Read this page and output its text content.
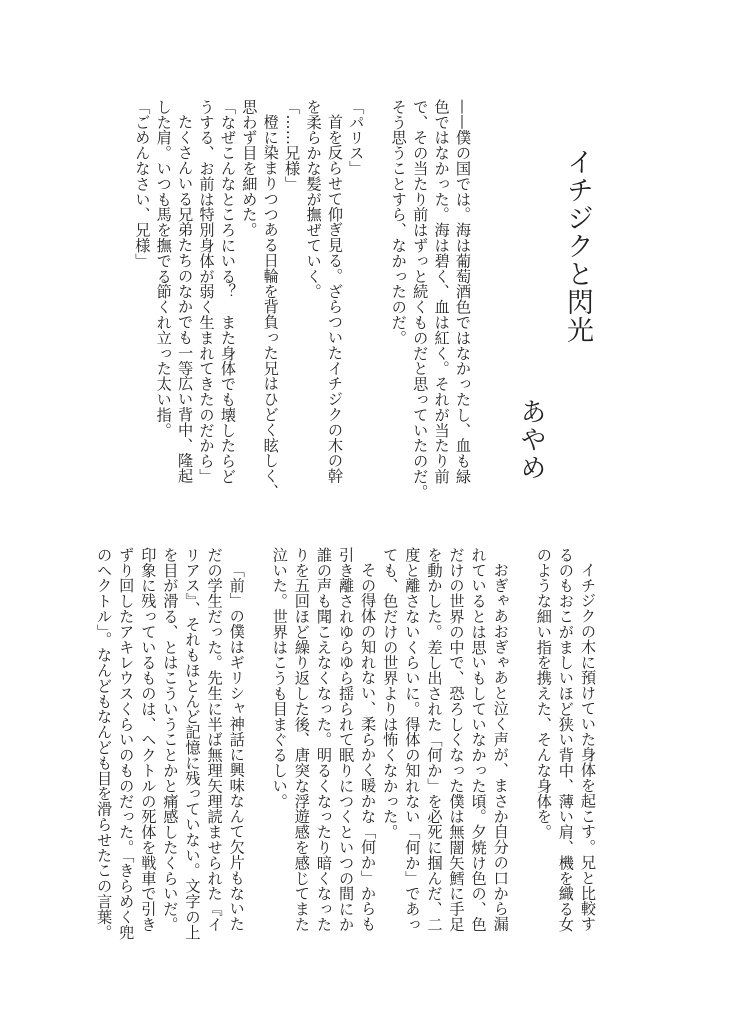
イチジクと閃光
あやめ
——僕の国では。海は葡萄酒色ではなかったし、血も緑
色ではなかった。海は碧く、血は紅く。それが当たり前
で、その当たり前はずっと続くものだと思っていたのだ。
そう思うことすら、なかったのだ。
「パリス」
首を反らせて仰ぎ見る。ざらついたイチジクの木の幹
を柔らかな髪が撫ぜていく。
「……兄様」
橙に染まりつつある日輪を背負った兄はひどく眩しく、
思わず目を細めた。
「なぜこんなところにいる？　また身体でも壊したらど
うする、お前は特別身体が弱く生まれてきたのだから」
たくさんいる兄弟たちのなかでも一等広い背中、隆起
した肩。いつも馬を撫でる節くれ立った太い指。
「ごめんなさい、兄様」
イチジクの木に預けていた身体を起こす。兄と比較す
るのもおこがましいほど狭い背中、薄い肩、機を織る女
のような細い指を携えた、そんな身体を。
おぎゃあおぎゃあと泣く声が、まさか自分の口から漏
れているとは思いもしていなかった頃。夕焼け色の、色
だけの世界の中で、恐ろしくなった僕は無闇矢鱈に手足
を動かした。差し出された「何か」を必死に掴んだ、二
度と離さないくらいに。得体の知れない「何か」であっ
ても、色だけの世界よりは怖くなかった。
その得体の知れない、柔らかく暖かな「何か」からも
引き離されゆらゆら揺られて眠りにつくといつの間にか
誰の声も聞こえなくなった。明るくなったり暗くなった
りを五回ほど繰り返した後、唐突な浮遊感を感じてまた
泣いた。世界はこうも目まぐるしい。
「前」の僕はギリシャ神話に興味なんて欠片もないた
だの学生だった。先生に半ば無理矢理読ませられた『イ
リアス』、それもほとんど記憶に残っていない。文字の上
を目が滑る、とはこういうことかと痛感したくらいだ。
印象に残っているものは、ヘクトルの死体を戦車で引き
ずり回したアキレウスくらいのものだった。「きらめく兜
のヘクトル」。なんどもなんども目を滑らせたこの言葉。
